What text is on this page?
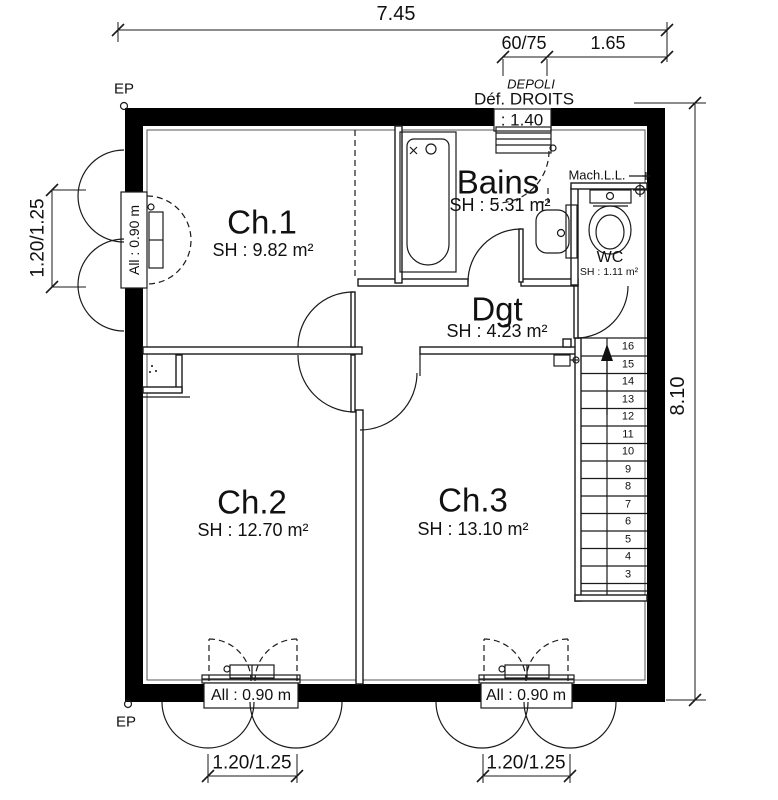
7.45
60/75 1.65
DEPOLI
Déf. DROITS
: 1.40
EP
EP
8.10
1.20/1.25
1.20/1.25	1.20/1.25
All : 0.90 m
All : 0.90 m	All : 0.90 m
Mach.L.L.
Ch.1
SH : 9.82 m²
Bains
SH : 5.31 m²
WC
SH : 1.11 m²
Dgt
SH : 4.23 m²
Ch.2
SH : 12.70 m²
Ch.3
SH : 13.10 m²
16
15
14
13
12
11
10
9
8
7
6
5
4
3
